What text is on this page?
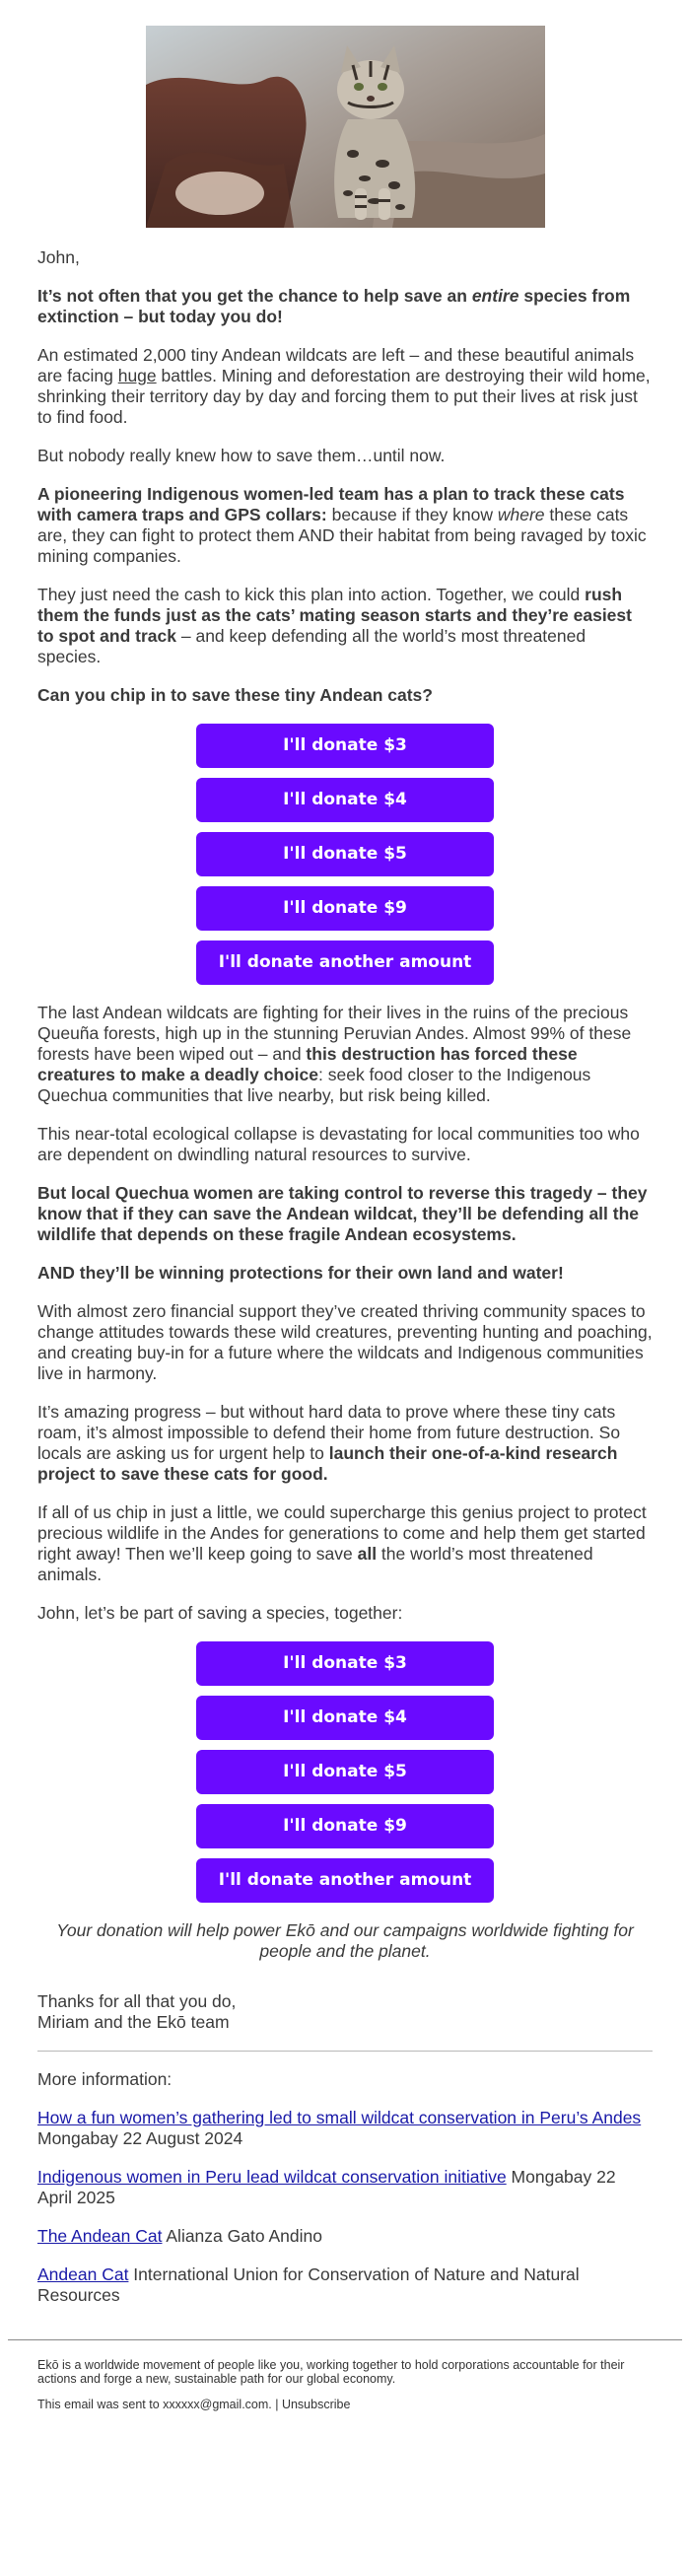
John,

It’s not often that you get the chance to help save an entire species from extinction – but today you do!

An estimated 2,000 tiny Andean wildcats are left – and these beautiful animals are facing huge battles. Mining and deforestation are destroying their wild home, shrinking their territory day by day and forcing them to put their lives at risk just to find food.

But nobody really knew how to save them…until now.

A pioneering Indigenous women-led team has a plan to track these cats with camera traps and GPS collars: because if they know where these cats are, they can fight to protect them AND their habitat from being ravaged by toxic mining companies.

They just need the cash to kick this plan into action. Together, we could rush them the funds just as the cats’ mating season starts and they’re easiest to spot and track – and keep defending all the world’s most threatened species.

Can you chip in to save these tiny Andean cats?

I'll donate $3
I'll donate $4
I'll donate $5
I'll donate $9
I'll donate another amount

The last Andean wildcats are fighting for their lives in the ruins of the precious Queuña forests, high up in the stunning Peruvian Andes. Almost 99% of these forests have been wiped out – and this destruction has forced these creatures to make a deadly choice: seek food closer to the Indigenous Quechua communities that live nearby, but risk being killed.

This near-total ecological collapse is devastating for local communities too who are dependent on dwindling natural resources to survive.

But local Quechua women are taking control to reverse this tragedy – they know that if they can save the Andean wildcat, they’ll be defending all the wildlife that depends on these fragile Andean ecosystems.

AND they’ll be winning protections for their own land and water!

With almost zero financial support they’ve created thriving community spaces to change attitudes towards these wild creatures, preventing hunting and poaching, and creating buy-in for a future where the wildcats and Indigenous communities live in harmony.

It’s amazing progress – but without hard data to prove where these tiny cats roam, it’s almost impossible to defend their home from future destruction. So locals are asking us for urgent help to launch their one-of-a-kind research project to save these cats for good.

If all of us chip in just a little, we could supercharge this genius project to protect precious wildlife in the Andes for generations to come and help them get started right away! Then we’ll keep going to save all the world’s most threatened animals.

John, let’s be part of saving a species, together:

I'll donate $3
I'll donate $4
I'll donate $5
I'll donate $9
I'll donate another amount

Your donation will help power Ekō and our campaigns worldwide fighting for people and the planet.

Thanks for all that you do,
Miriam and the Ekō team

More information:

How a fun women’s gathering led to small wildcat conservation in Peru’s Andes Mongabay 22 August 2024

Indigenous women in Peru lead wildcat conservation initiative Mongabay 22 April 2025

The Andean Cat Alianza Gato Andino

Andean Cat International Union for Conservation of Nature and Natural Resources

Ekō is a worldwide movement of people like you, working together to hold corporations accountable for their actions and forge a new, sustainable path for our global economy.

This email was sent to xxxxxx@gmail.com. | Unsubscribe
